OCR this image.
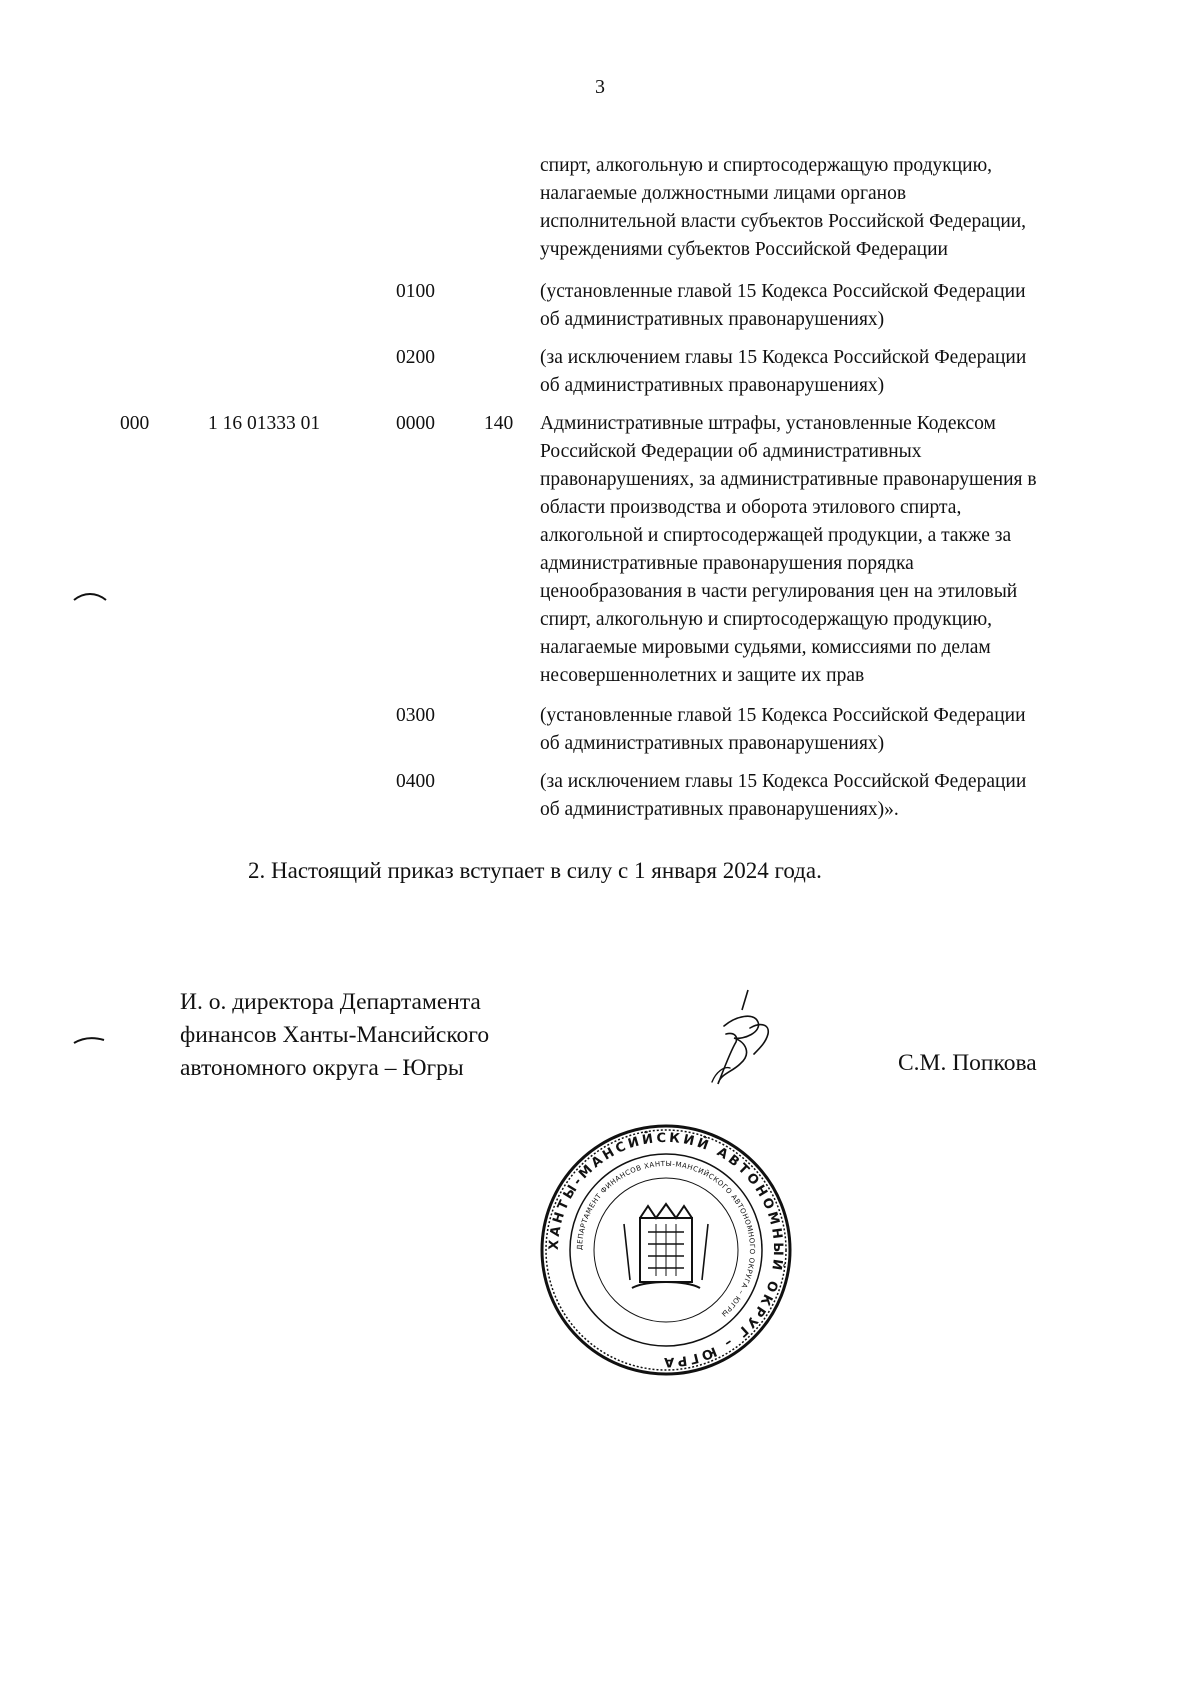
3
спирт, алкогольную и спиртосодержащую продукцию,
налагаемые должностными лицами органов
исполнительной власти субъектов Российской Федерации,
учреждениями субъектов Российской Федерации
0100	(установленные главой 15 Кодекса Российской Федерации
об административных правонарушениях)
0200	(за исключением главы 15 Кодекса Российской Федерации
об административных правонарушениях)
000	1 16 01333 01	0000	140 Административные штрафы, установленные Кодексом
Российской Федерации об административных
правонарушениях, за административные правонарушения в
области производства и оборота этилового спирта,
алкогольной и спиртосодержащей продукции, а также за
административные правонарушения порядка
ценообразования в части регулирования цен на этиловый
спирт, алкогольную и спиртосодержащую продукцию,
налагаемые мировыми судьями, комиссиями по делам
несовершеннолетних и защите их прав
0300	(установленные главой 15 Кодекса Российской Федерации
об административных правонарушениях)
0400	(за исключением главы 15 Кодекса Российской Федерации
об административных правонарушениях)».
2. Настоящий приказ вступает в силу с 1 января 2024 года.
И. о. директора Департамента
финансов Ханты-Мансийского
автономного округа – Югры	С.М. Попкова
ХАНТЫ-МАНСИЙСКИЙ АВТОНОМНЫЙ ОКРУГ – ЮГРА
ДЕПАРТАМЕНТ ФИНАНСОВ ХАНТЫ-МАНСИЙСКОГО АВТОНОМНОГО ОКРУГА – ЮГРЫ
